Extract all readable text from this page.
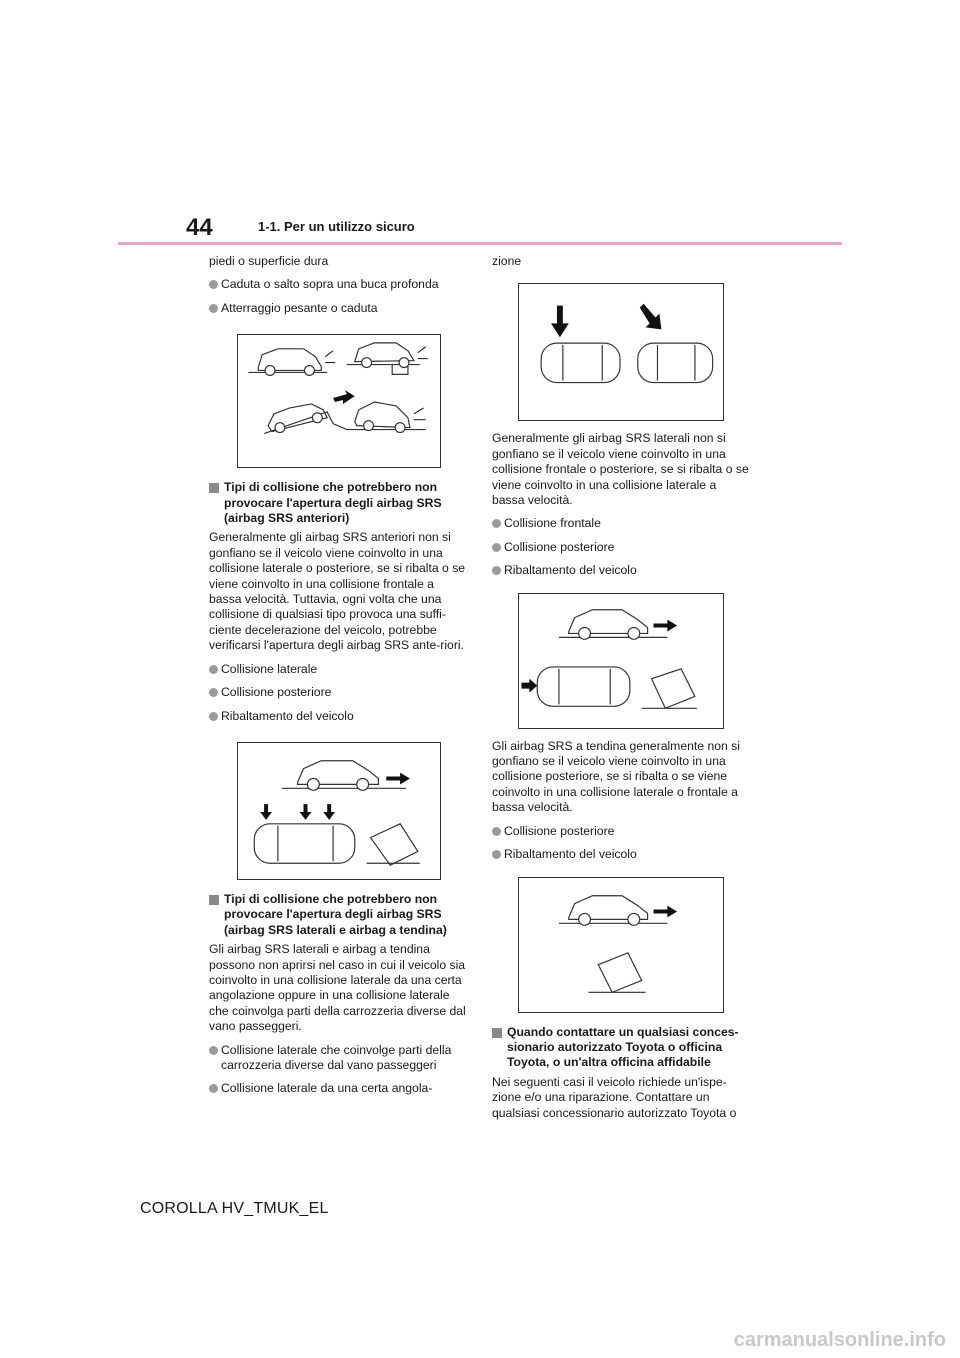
44	1-1. Per un utilizzo sicuro

piedi o superficie dura

Caduta o salto sopra una buca profonda
Atterraggio pesante o caduta
Tipi di collisione che potrebbero non provocare l'apertura degli airbag SRS (airbag SRS anteriori)

Generalmente gli airbag SRS anteriori non si gonfiano se il veicolo viene coinvolto in una collisione laterale o posteriore, se si ribalta o se viene coinvolto in una collisione frontale a bassa velocità. Tuttavia, ogni volta che una collisione di qualsiasi tipo provoca una suffi-ciente decelerazione del veicolo, potrebbe verificarsi l'apertura degli airbag SRS ante-riori.

Collisione laterale
Collisione posteriore
Ribaltamento del veicolo
Tipi di collisione che potrebbero non provocare l'apertura degli airbag SRS (airbag SRS laterali e airbag a tendina)

Gli airbag SRS laterali e airbag a tendina possono non aprirsi nel caso in cui il veicolo sia coinvolto in una collisione laterale da una certa angolazione oppure in una collisione laterale che coinvolga parti della carrozzeria diverse dal vano passeggeri.

Collisione laterale che coinvolge parti della carrozzeria diverse dal vano passeggeri
Collisione laterale da una certa angola-

zione

Generalmente gli airbag SRS laterali non si gonfiano se il veicolo viene coinvolto in una collisione frontale o posteriore, se si ribalta o se viene coinvolto in una collisione laterale a bassa velocità.

Collisione frontale
Collisione posteriore
Ribaltamento del veicolo

Gli airbag SRS a tendina generalmente non si gonfiano se il veicolo viene coinvolto in una collisione posteriore, se si ribalta o se viene coinvolto in una collisione laterale o frontale a bassa velocità.

Collisione posteriore
Ribaltamento del veicolo
Quando contattare un qualsiasi conces-sionario autorizzato Toyota o officina Toyota, o un'altra officina affidabile

Nei seguenti casi il veicolo richiede un'ispe-zione e/o una riparazione. Contattare un qualsiasi concessionario autorizzato Toyota o

COROLLA HV_TMUK_EL
carmanualsonline.info
